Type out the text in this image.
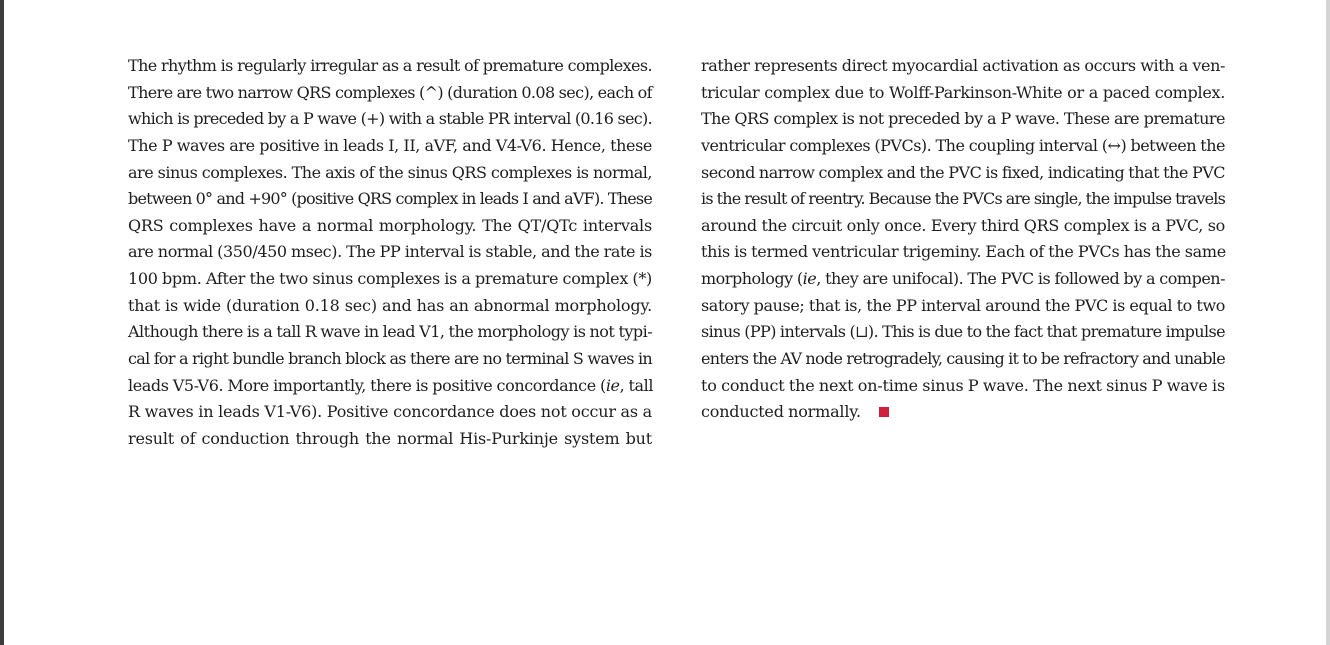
The rhythm is regularly irregular as a result of premature complexes.
There are two narrow QRS complexes (^) (duration 0.08 sec), each of
which is preceded by a P wave (+) with a stable PR interval (0.16 sec).
The P waves are positive in leads I, II, aVF, and V4-V6. Hence, these
are sinus complexes. The axis of the sinus QRS complexes is normal,
between 0° and +90° (positive QRS complex in leads I and aVF). These
QRS complexes have a normal morphology. The QT/QTc intervals
are normal (350/450 msec). The PP interval is stable, and the rate is
100 bpm. After the two sinus complexes is a premature complex (*)
that is wide (duration 0.18 sec) and has an abnormal morphology.
Although there is a tall R wave in lead V1, the morphology is not typi-
cal for a right bundle branch block as there are no terminal S waves in
leads V5-V6. More importantly, there is positive concordance (ie, tall
R waves in leads V1-V6). Positive concordance does not occur as a
result of conduction through the normal His-Purkinje system but
rather represents direct myocardial activation as occurs with a ven-
tricular complex due to Wolff-Parkinson-White or a paced complex.
The QRS complex is not preceded by a P wave. These are premature
ventricular complexes (PVCs). The coupling interval (↔) between the
second narrow complex and the PVC is fixed, indicating that the PVC
is the result of reentry. Because the PVCs are single, the impulse travels
around the circuit only once. Every third QRS complex is a PVC, so
this is termed ventricular trigeminy. Each of the PVCs has the same
morphology (ie, they are unifocal). The PVC is followed by a compen-
satory pause; that is, the PP interval around the PVC is equal to two
sinus (PP) intervals (⊔). This is due to the fact that premature impulse
enters the AV node retrogradely, causing it to be refractory and unable
to conduct the next on-time sinus P wave. The next sinus P wave is
conducted normally.
